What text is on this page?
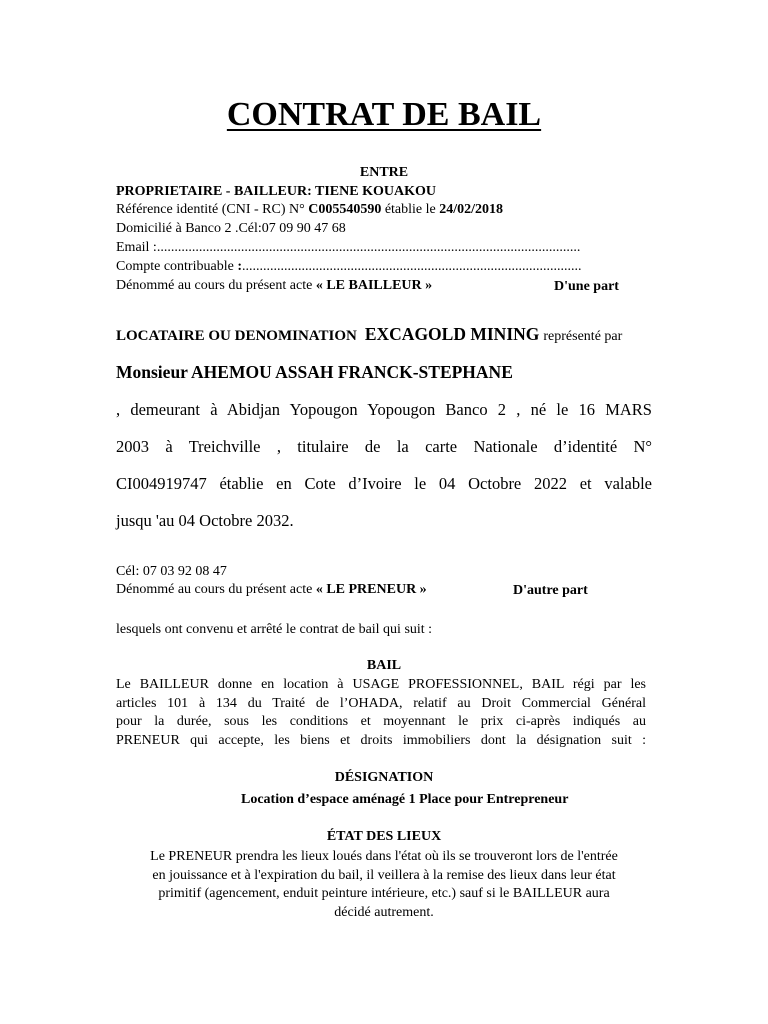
CONTRAT DE BAIL
ENTRE
PROPRIETAIRE - BAILLEUR: TIENE KOUAKOU
Référence identité (CNI - RC) N° C005540590 établie le 24/02/2018
Domicilié à Banco 2 .Cél:07 09 90 47 68
Email :.........................................................................................................................
Compte contribuable :.................................................................................................
Dénommé au cours du présent acte « LE BAILLEUR »	D'une part
LOCATAIRE OU DENOMINATION EXCAGOLD MINING représenté par
Monsieur AHEMOU ASSAH FRANCK-STEPHANE
, demeurant à Abidjan Yopougon Yopougon Banco 2 , né le 16 MARS
2003 à Treichville , titulaire de la carte Nationale d’identité N°
CI004919747 établie en Cote d’Ivoire le 04 Octobre 2022 et valable
jusqu 'au 04 Octobre 2032.
Cél: 07 03 92 08 47
Dénommé au cours du présent acte « LE PRENEUR »	D'autre part
lesquels ont convenu et arrêté le contrat de bail qui suit :
BAIL
Le BAILLEUR donne en location à USAGE PROFESSIONNEL, BAIL régi par les
articles 101 à 134 du Traité de l’OHADA, relatif au Droit Commercial Général
pour la durée, sous les conditions et moyennant le prix ci-après indiqués au
PRENEUR qui accepte, les biens et droits immobiliers dont la désignation suit :
DÉSIGNATION
Location d’espace aménagé 1 Place pour Entrepreneur
ÉTAT DES LIEUX
Le PRENEUR prendra les lieux loués dans l'état où ils se trouveront lors de l'entrée
en jouissance et à l'expiration du bail, il veillera à la remise des lieux dans leur état
primitif (agencement, enduit peinture intérieure, etc.) sauf si le BAILLEUR aura
décidé autrement.
